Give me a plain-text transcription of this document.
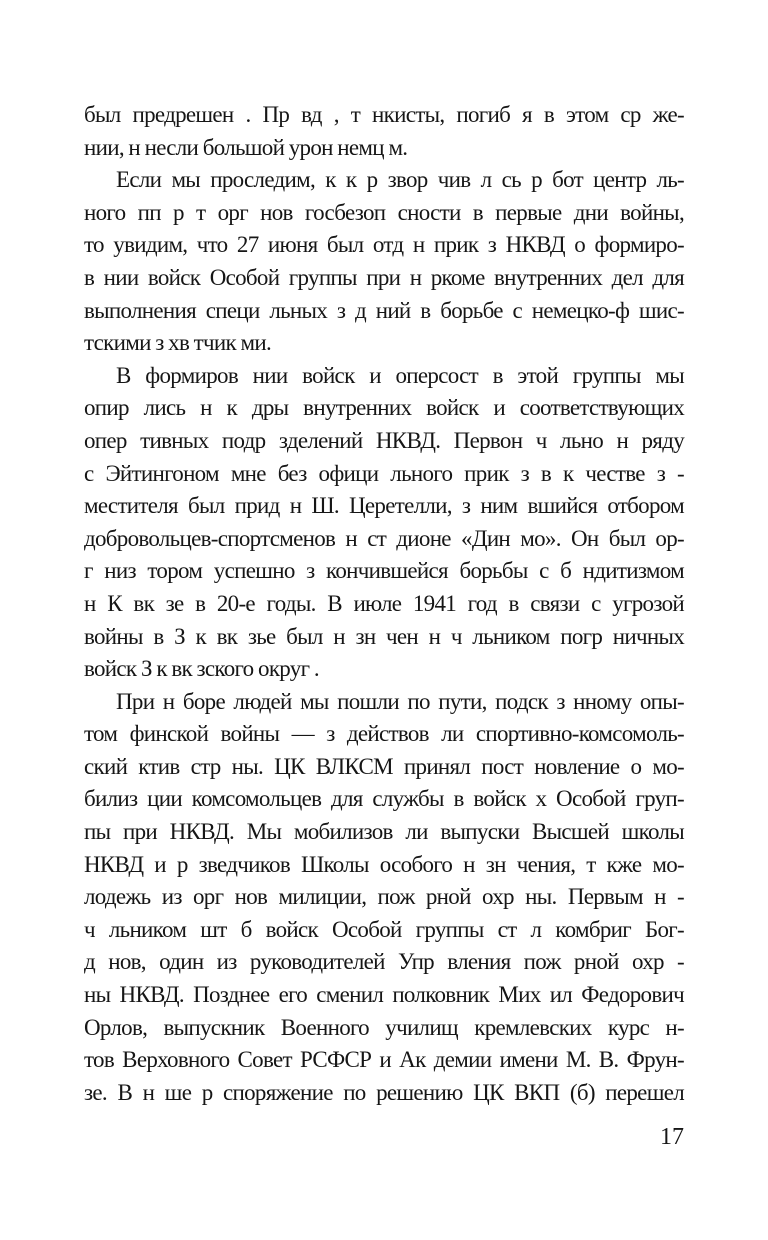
был предрешен . Пр вд , т нкисты, погиб я в этом ср же-
нии, н несли большой урон немц м.
Если мы проследим, к к р звор чив л сь р бот центр ль-
ного пп р т орг нов госбезоп сности в первые дни войны,
то увидим, что 27 июня был отд н прик з НКВД о формиро-
в нии войск Особой группы при н ркоме внутренних дел для
выполнения специ льных з д ний в борьбе с немецко-ф шис-
тскими з хв тчик ми.
В формиров нии войск и оперсост в этой группы мы
опир лись н к дры внутренних войск и соответствующих
опер тивных подр зделений НКВД. Первон ч льно н ряду
с Эйтингоном мне без офици льного прик з в к честве з -
местителя был прид н Ш. Церетелли, з ним вшийся отбором
добровольцев-спортсменов н ст дионе «Дин мо». Он был ор-
г низ тором успешно з кончившейся борьбы с б ндитизмом
н К вк зе в 20-е годы. В июле 1941 год в связи с угрозой
войны в З к вк зье был н зн чен н ч льником погр ничных
войск З к вк зского округ .
При н боре людей мы пошли по пути, подск з нному опы-
том финской войны — з действов ли спортивно-комсомоль-
ский ктив стр ны. ЦК ВЛКСМ принял пост новление о мо-
билиз ции комсомольцев для службы в войск х Особой груп-
пы при НКВД. Мы мобилизов ли выпуски Высшей школы
НКВД и р зведчиков Школы особого н зн чения, т кже мо-
лодежь из орг нов милиции, пож рной охр ны. Первым н -
ч льником шт б войск Особой группы ст л комбриг Бог-
д нов, один из руководителей Упр вления пож рной охр -
ны НКВД. Позднее его сменил полковник Мих ил Федорович
Орлов, выпускник Военного училищ кремлевских курс н-
тов Верховного Совет РСФСР и Ак демии имени М. В. Фрун-
зе. В н ше р споряжение по решению ЦК ВКП (б) перешел
17
